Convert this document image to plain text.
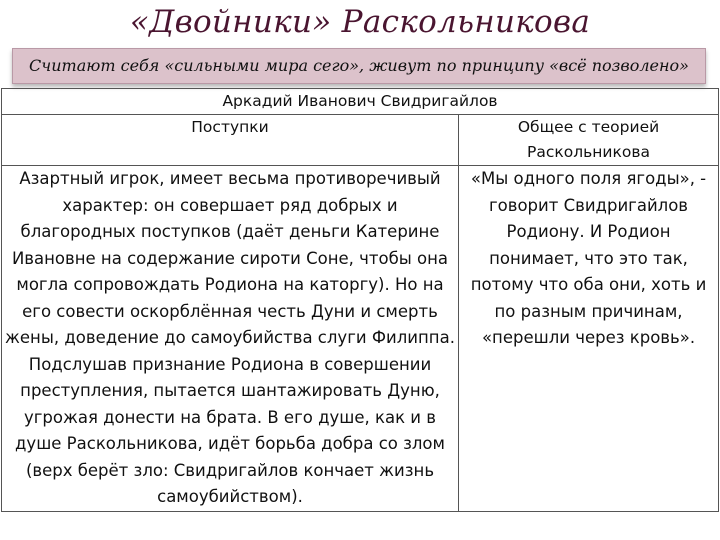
«Двойники» Раскольникова
Считают себя «сильными мира сего», живут по принципу «всё позволено»
Аркадий Иванович Свидригайлов	

Поступки	Общее с теорией Раскольникова

Азартный игрок, имеет весьма противоречивый характер: он совершает ряд добрых и благородных поступков (даёт деньги Катерине Ивановне на содержание сироти Соне, чтобы она могла сопровождать Родиона на каторгу). Но на его совести оскорблённая честь Дуни и смерть жены, доведение до самоубийства слуги Филиппа. Подслушав признание Родиона в совершении преступления, пытается шантажировать Дуню, угрожая донести на брата. В его душе, как и в душе Раскольникова, идёт борьба добра со злом (верх берёт зло: Свидригайлов кончает жизнь самоубийством).	«Мы одного поля ягоды», - говорит Свидригайлов Родиону. И Родион понимает, что это так, потому что оба они, хоть и по разным причинам, «перешли через кровь».
